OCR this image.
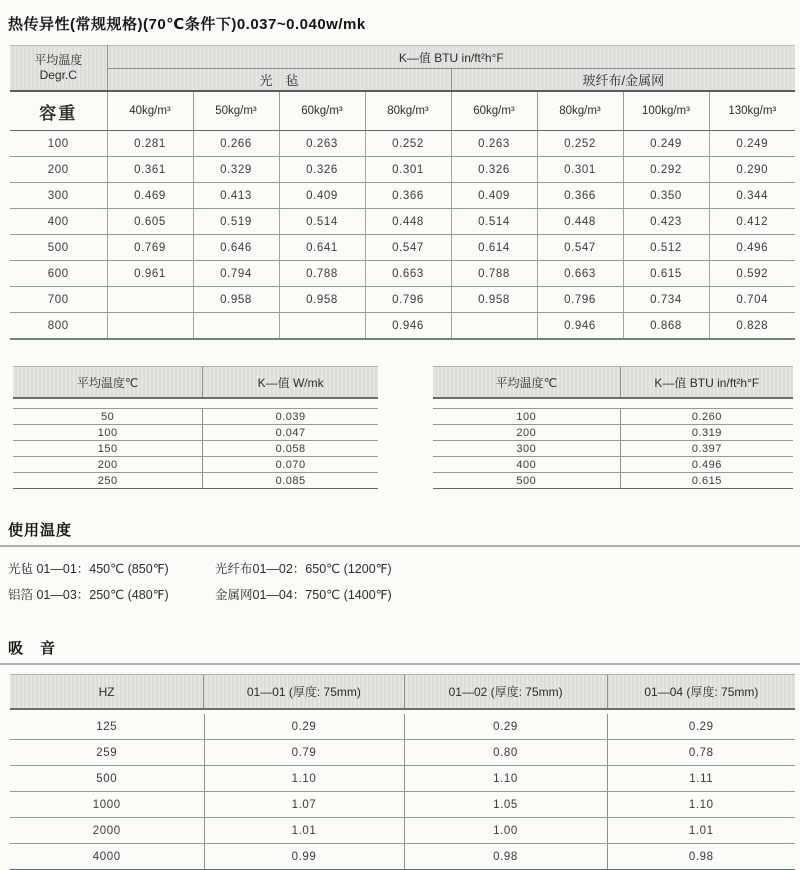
热传异性(常规规格)(70℃条件下)0.037~0.040w/mk
平均温度
Degr.C	K—值 BTU in/ft²h°F							
	光　毡				玻纤布/金属网			
容重	40kg/m³	50kg/m³	60kg/m³	80kg/m³	60kg/m³	80kg/m³	100kg/m³	130kg/m³
100	0.281	0.266	0.263	0.252	0.263	0.252	0.249	0.249
200	0.361	0.329	0.326	0.301	0.326	0.301	0.292	0.290
300	0.469	0.413	0.409	0.366	0.409	0.366	0.350	0.344
400	0.605	0.519	0.514	0.448	0.514	0.448	0.423	0.412
500	0.769	0.646	0.641	0.547	0.614	0.547	0.512	0.496
600	0.961	0.794	0.788	0.663	0.788	0.663	0.615	0.592
700		0.958	0.958	0.796	0.958	0.796	0.734	0.704
800				0.946		0.946	0.868	0.828
平均温度℃	K—值 W/mk
50	0.039
100	0.047
150	0.058
200	0.070
250	0.085
平均温度℃	K—值 BTU in/ft²h°F
100	0.260
200	0.319
300	0.397
400	0.496
500	0.615
使用温度
光毡 01—01：450℃ (850℉)	光纤布01—02：650℃ (1200℉)
铝箔 01—03：250℃ (480℉)	金属网01—04：750℃ (1400℉)
吸　音
HZ	01—01 (厚度: 75mm)	01—02 (厚度: 75mm)	01—04 (厚度: 75mm)
125	0.29	0.29	0.29
259	0.79	0.80	0.78
500	1.10	1.10	1.11
1000	1.07	1.05	1.10
2000	1.01	1.00	1.01
4000	0.99	0.98	0.98
